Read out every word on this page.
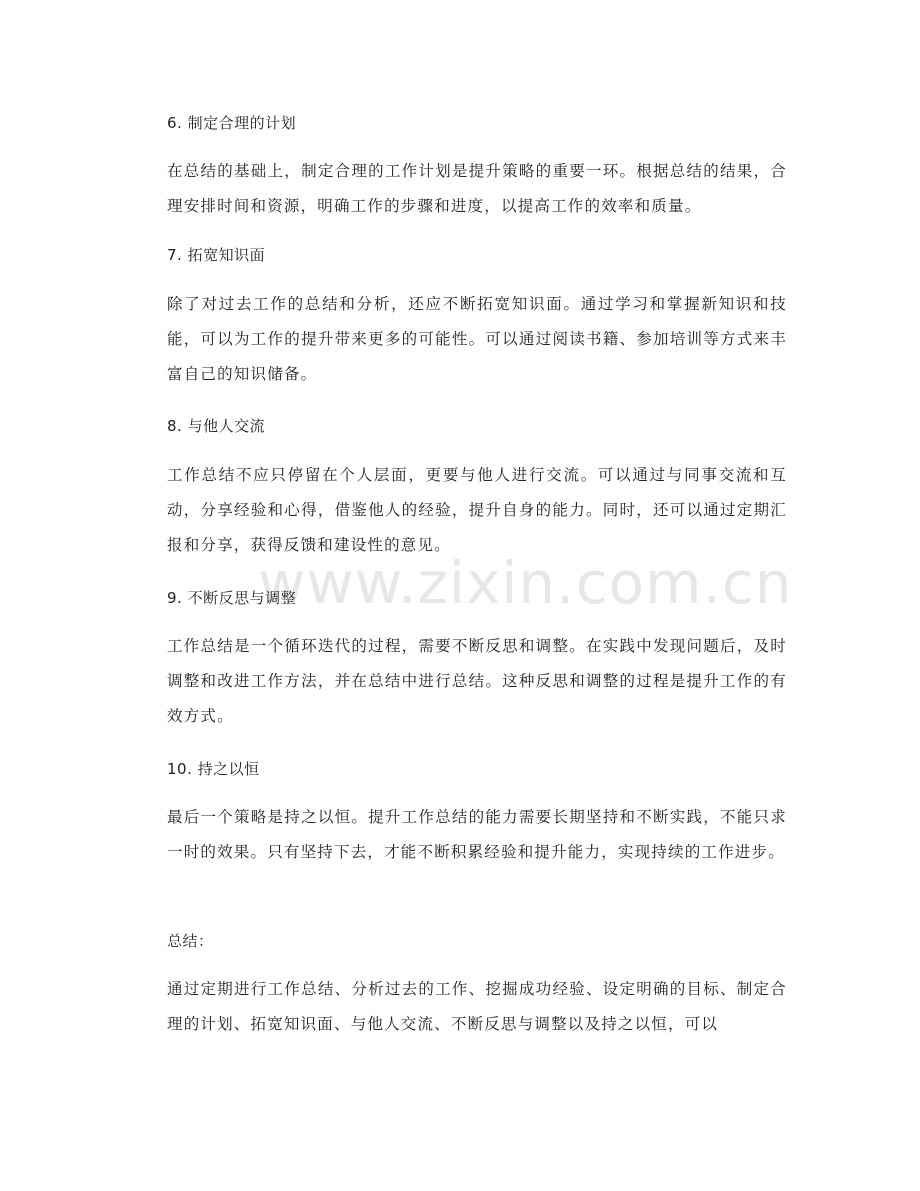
www.zixin.com.cn

6. 制定合理的计划

在总结的基础上，制定合理的工作计划是提升策略的重要一环。根据总结的结果，合理安排时间和资源，明确工作的步骤和进度，以提高工作的效率和质量。

7. 拓宽知识面

除了对过去工作的总结和分析，还应不断拓宽知识面。通过学习和掌握新知识和技能，可以为工作的提升带来更多的可能性。可以通过阅读书籍、参加培训等方式来丰富自己的知识储备。

8. 与他人交流

工作总结不应只停留在个人层面，更要与他人进行交流。可以通过与同事交流和互动，分享经验和心得，借鉴他人的经验，提升自身的能力。同时，还可以通过定期汇报和分享，获得反馈和建设性的意见。

9. 不断反思与调整

工作总结是一个循环迭代的过程，需要不断反思和调整。在实践中发现问题后，及时调整和改进工作方法，并在总结中进行总结。这种反思和调整的过程是提升工作的有效方式。

10. 持之以恒

最后一个策略是持之以恒。提升工作总结的能力需要长期坚持和不断实践，不能只求一时的效果。只有坚持下去，才能不断积累经验和提升能力，实现持续的工作进步。

总结：

通过定期进行工作总结、分析过去的工作、挖掘成功经验、设定明确的目标、制定合理的计划、拓宽知识面、与他人交流、不断反思与调整以及持之以恒，可以
